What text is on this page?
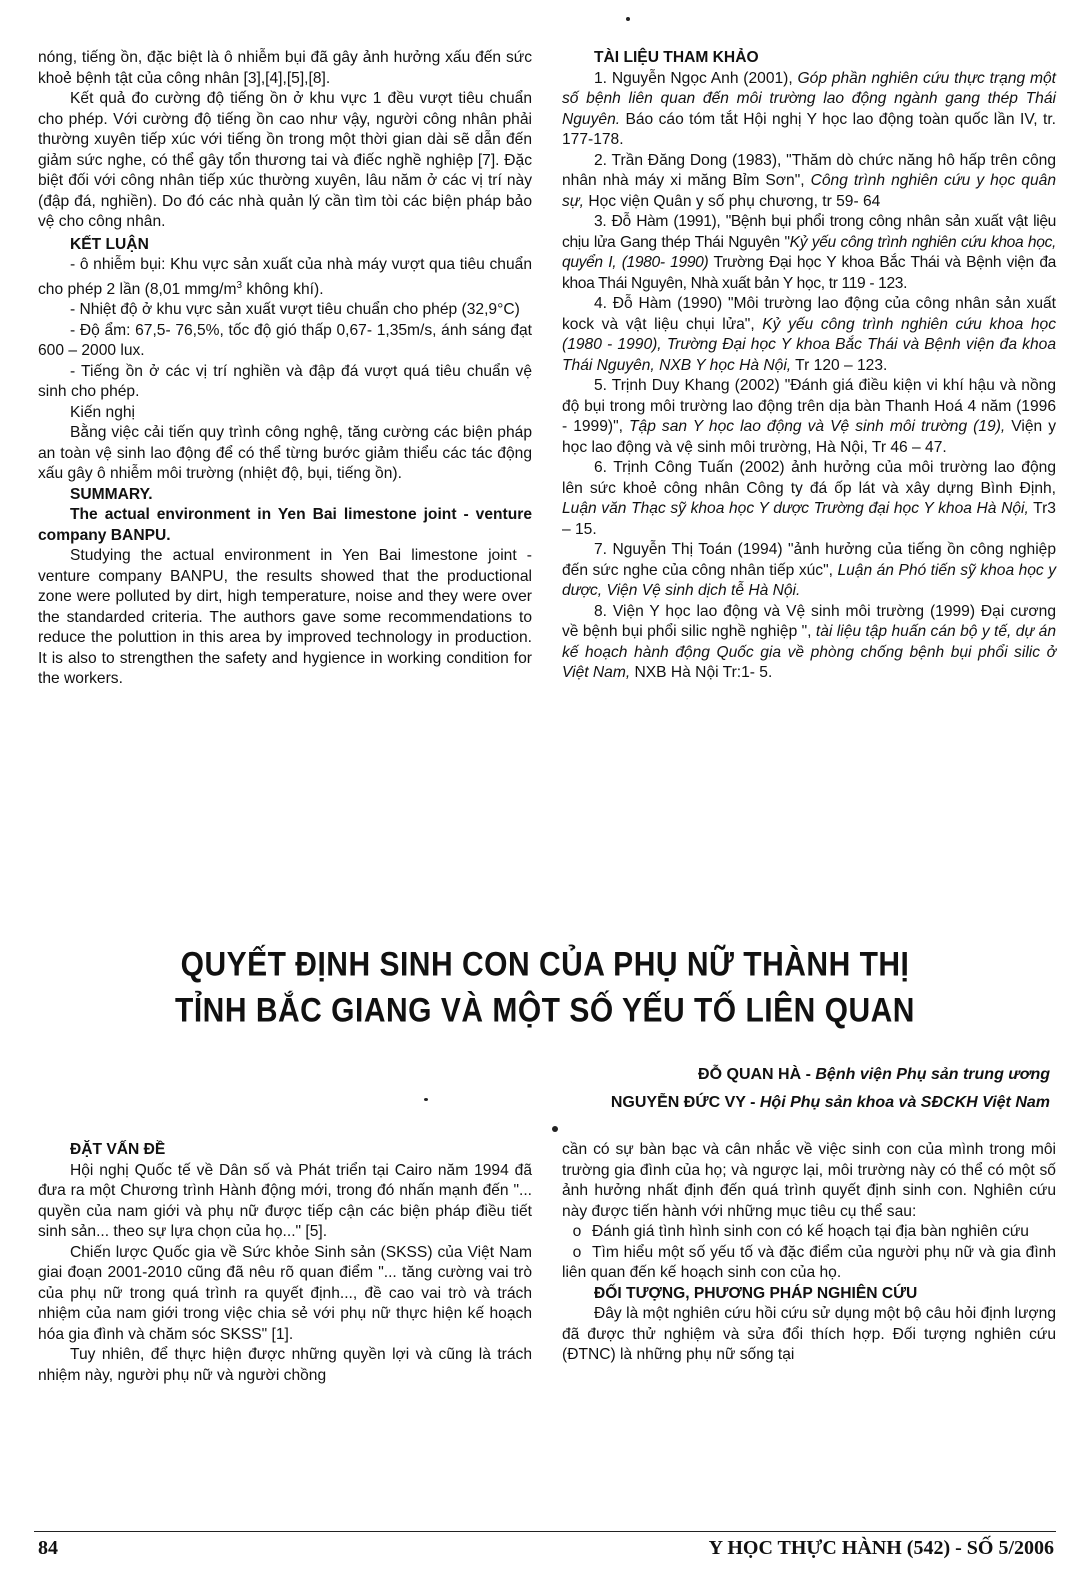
nóng, tiếng ồn, đặc biệt là ô nhiễm bụi đã gây ảnh hưởng xấu đến sức khoẻ bệnh tật của công nhân [3],[4],[5],[8].

Kết quả đo cường độ tiếng ồn ở khu vực 1 đều vượt tiêu chuẩn cho phép. Với cường độ tiếng ồn cao như vậy, người công nhân phải thường xuyên tiếp xúc với tiếng ồn trong một thời gian dài sẽ dẫn đến giảm sức nghe, có thể gây tổn thương tai và điếc nghề nghiệp [7]. Đặc biệt đối với công nhân tiếp xúc thường xuyên, lâu năm ở các vị trí này (đập đá, nghiền). Do đó các nhà quản lý cần tìm tòi các biện pháp bảo vệ cho công nhân.

KẾT LUẬN

- ô nhiễm bụi: Khu vực sản xuất của nhà máy vượt qua tiêu chuẩn cho phép 2 lần (8,01 mmg/$m^3$ không khí).

- Nhiệt độ ở khu vực sản xuất vượt tiêu chuẩn cho phép (32,9°C)

- Độ ẩm: 67,5- 76,5%, tốc độ gió thấp 0,67- 1,35m/s, ánh sáng đạt 600 – 2000 lux.

- Tiếng ồn ở các vị trí nghiền và đập đá vượt quá tiêu chuẩn vệ sinh cho phép.

Kiến nghị

Bằng việc cải tiến quy trình công nghệ, tăng cường các biện pháp an toàn vệ sinh lao động để có thể từng bước giảm thiểu các tác động xấu gây ô nhiễm môi trường (nhiệt độ, bụi, tiếng ồn).

SUMMARY.

The actual environment in Yen Bai limestone joint - venture company BANPU.

Studying the actual environment in Yen Bai limestone joint - venture company BANPU, the results showed that the productional zone were polluted by dirt, high temperature, noise and they were over the standarded criteria. The authors gave some recommendations to reduce the poluttion in this area by improved technology in production. It is also to strengthen the safety and hygience in working condition for the workers.

TÀI LIỆU THAM KHẢO

1. Nguyễn Ngọc Anh (2001), Góp phần nghiên cứu thực trạng một số bệnh liên quan đến môi trường lao động ngành gang thép Thái Nguyên. Báo cáo tóm tắt Hội nghị Y học lao động toàn quốc lần IV, tr. 177-178.

2. Trần Đăng Dong (1983), "Thăm dò chức năng hô hấp trên công nhân nhà máy xi măng Bỉm Sơn", Công trình nghiên cứu y học quân sự, Học viện Quân y số phụ chương, tr 59- 64

3. Đỗ Hàm (1991), "Bệnh bụi phổi trong công nhân sản xuất vật liệu chịu lửa Gang thép Thái Nguyên "Kỷ yếu công trình nghiên cứu khoa học, quyển I, (1980- 1990) Trường Đại học Y khoa Bắc Thái và Bệnh viện đa khoa Thái Nguyên, Nhà xuất bản Y học, tr 119 - 123.

4. Đỗ Hàm (1990) "Môi trường lao động của công nhân sản xuất kock và vật liệu chụi lửa", Kỷ yếu công trình nghiên cứu khoa học (1980 - 1990), Trường Đại học Y khoa Bắc Thái và Bệnh viện đa khoa Thái Nguyên, NXB Y học Hà Nội, Tr 120 – 123.

5. Trịnh Duy Khang (2002) "Đánh giá điều kiện vi khí hậu và nồng độ bụi trong môi trường lao động trên dịa bàn Thanh Hoá 4 năm (1996 - 1999)", Tập san Y học lao động và Vệ sinh môi trường (19), Viện y học lao động và vệ sinh môi trường, Hà Nội, Tr 46 – 47.

6. Trịnh Công Tuấn (2002) ảnh hưởng của môi trường lao động lên sức khoẻ công nhân Công ty đá ốp lát và xây dựng Bình Định, Luận văn Thạc sỹ khoa học Y dược Trường đại học Y khoa Hà Nội, Tr3 – 15.

7. Nguyễn Thị Toán (1994) "ảnh hưởng của tiếng ồn công nghiệp đến sức nghe của công nhân tiếp xúc", Luận án Phó tiến sỹ khoa học y dược, Viện Vệ sinh dịch tễ Hà Nội.

8. Viện Y học lao động và Vệ sinh môi trường (1999) Đại cương về bệnh bụi phổi silic nghề nghiệp ", tài liệu tập huấn cán bộ y tế, dự án kế hoạch hành động Quốc gia về phòng chống bệnh bụi phổi silic ở Việt Nam, NXB Hà Nội Tr:1- 5.

QUYẾT ĐỊNH SINH CON CỦA PHỤ NỮ THÀNH THỊ
TỈNH BẮC GIANG VÀ MỘT SỐ YẾU TỐ LIÊN QUAN
ĐỖ QUAN HÀ - Bệnh viện Phụ sản trung ương
NGUYỄN ĐỨC VY - Hội Phụ sản khoa và SĐCKH Việt Nam

ĐẶT VẤN ĐỀ

Hội nghị Quốc tế về Dân số và Phát triển tại Cairo năm 1994 đã đưa ra một Chương trình Hành động mới, trong đó nhấn mạnh đến "... quyền của nam giới và phụ nữ được tiếp cận các biện pháp điều tiết sinh sản... theo sự lựa chọn của họ..." [5].

Chiến lược Quốc gia về Sức khỏe Sinh sản (SKSS) của Việt Nam giai đoạn 2001-2010 cũng đã nêu rõ quan điểm "... tăng cường vai trò của phụ nữ trong quá trình ra quyết định..., đề cao vai trò và trách nhiệm của nam giới trong việc chia sẻ với phụ nữ thực hiện kế hoạch hóa gia đình và chăm sóc SKSS" [1].

Tuy nhiên, để thực hiện được những quyền lợi và cũng là trách nhiệm này, người phụ nữ và người chồng

cần có sự bàn bạc và cân nhắc về việc sinh con của mình trong môi trường gia đình của họ; và ngược lại, môi trường này có thể có một số ảnh hưởng nhất định đến quá trình quyết định sinh con. Nghiên cứu này được tiến hành với những mục tiêu cụ thể sau:

o Đánh giá tình hình sinh con có kế hoạch tại địa bàn nghiên cứu

o Tìm hiểu một số yếu tố và đặc điểm của người phụ nữ và gia đình liên quan đến kế hoạch sinh con của họ.

ĐỐI TƯỢNG, PHƯƠNG PHÁP NGHIÊN CỨU

Đây là một nghiên cứu hồi cứu sử dụng một bộ câu hỏi định lượng đã được thử nghiệm và sửa đổi thích hợp. Đối tượng nghiên cứu (ĐTNC) là những phụ nữ sống tại

84	Y HỌC THỰC HÀNH (542) - SỐ 5/2006
